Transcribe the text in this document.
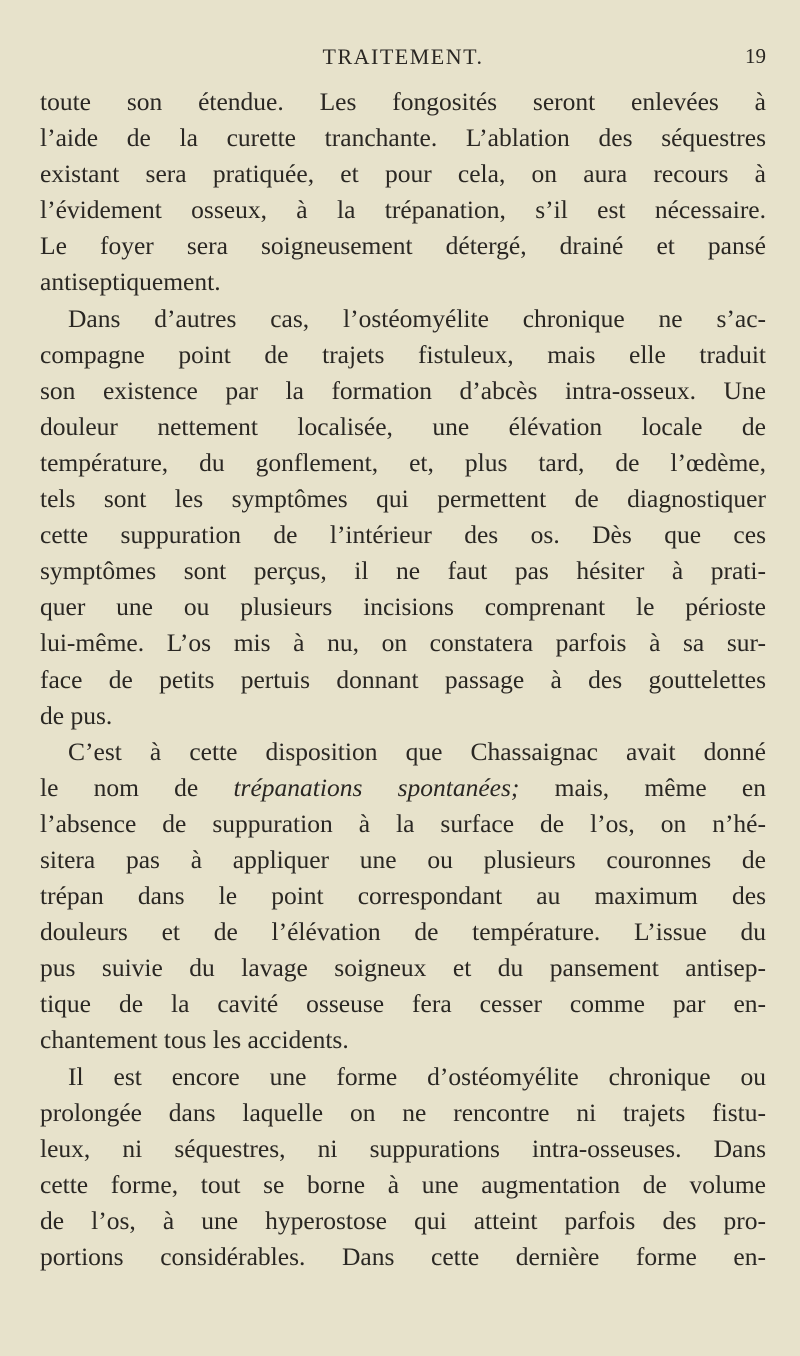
TRAITEMENT.	19
toute son étendue. Les fongosités seront enlevées à
l’aide de la curette tranchante. L’ablation des séquestres
existant sera pratiquée, et pour cela, on aura recours à
l’évidement osseux, à la trépanation, s’il est nécessaire.
Le foyer sera soigneusement détergé, drainé et pansé
antiseptiquement.
Dans d’autres cas, l’ostéomyélite chronique ne s’ac-
compagne point de trajets fistuleux, mais elle traduit
son existence par la formation d’abcès intra-osseux. Une
douleur nettement localisée, une élévation locale de
température, du gonflement, et, plus tard, de l’œdème,
tels sont les symptômes qui permettent de diagnostiquer
cette suppuration de l’intérieur des os. Dès que ces
symptômes sont perçus, il ne faut pas hésiter à prati-
quer une ou plusieurs incisions comprenant le périoste
lui-même. L’os mis à nu, on constatera parfois à sa sur-
face de petits pertuis donnant passage à des gouttelettes
de pus.
C’est à cette disposition que Chassaignac avait donné
le nom de trépanations spontanées; mais, même en
l’absence de suppuration à la surface de l’os, on n’hé-
sitera pas à appliquer une ou plusieurs couronnes de
trépan dans le point correspondant au maximum des
douleurs et de l’élévation de température. L’issue du
pus suivie du lavage soigneux et du pansement antisep-
tique de la cavité osseuse fera cesser comme par en-
chantement tous les accidents.
Il est encore une forme d’ostéomyélite chronique ou
prolongée dans laquelle on ne rencontre ni trajets fistu-
leux, ni séquestres, ni suppurations intra-osseuses. Dans
cette forme, tout se borne à une augmentation de volume
de l’os, à une hyperostose qui atteint parfois des pro-
portions considérables. Dans cette dernière forme en-
